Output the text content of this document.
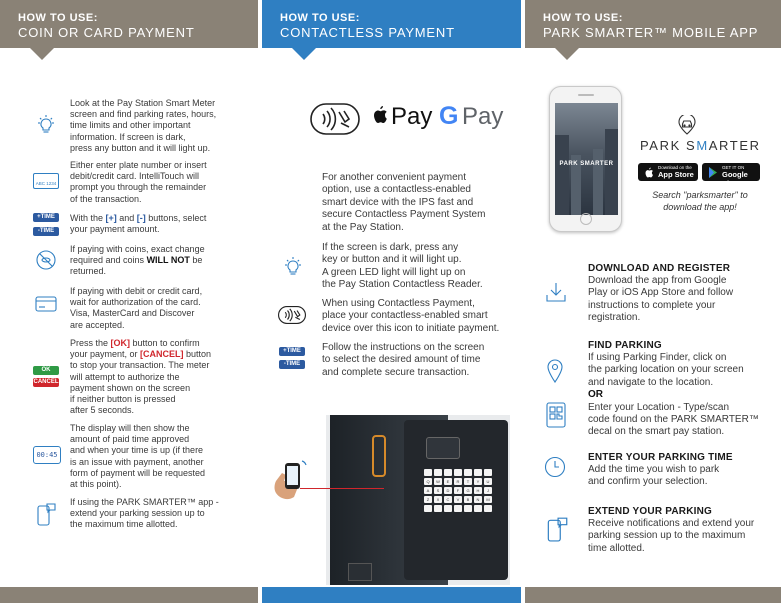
HOW TO USE:
COIN OR CARD PAYMENT
HOW TO USE:
CONTACTLESS PAYMENT
HOW TO USE:
PARK SMARTER™ MOBILE APP
Look at the Pay Station Smart Meter
screen and find parking rates, hours,
time limits and other important
information. If screen is dark,
press any button and it will light up.
ABC 1234
Either enter plate number or insert
debit/credit card. IntelliTouch will
prompt you through the remainder
of the transaction.
+TIME
-TIME
With the [+] and [-] buttons, select
your payment amount.
If paying with coins, exact change
required and coins WILL NOT be
returned.
If paying with debit or credit card,
wait for authorization of the card.
Visa, MasterCard and Discover
are accepted.
OK
CANCEL
Press the [OK] button to confirm
your payment, or [CANCEL] button
to stop your transaction. The meter
will attempt to authorize the
payment shown on the screen
if neither button is pressed
after 5 seconds.
00:45
The display will then show the
amount of paid time approved
and when your time is up (if there
is an issue with payment, another
form of payment will be requested
at this point).
If using the PARK SMARTER™ app -
extend your parking session up to
the maximum time allotted.
Pay G Pay
For another convenient payment
option, use a contactless-enabled
smart device with the IPS fast and
secure Contactless Payment System
at the Pay Station.
If the screen is dark, press any
key or button and it will light up.
A green LED light will light up on
the Pay Station Contactless Reader.
When using Contactless Payment,
place your contactless-enabled smart
device over this icon to initiate payment.
+TIME
-TIME
Follow the instructions on the screen
to select the desired amount of time
and complete secure transaction.
Q	W	E	R	T	Y	U
A	S	D	F	G	H	J
Z	X	C	V	B	N	M
PARK SMARTER
PARK SMARTER
Download on the
App Store
GET IT ON
Google Play
Search "parksmarter" to
download the app!
DOWNLOAD AND REGISTER
Download the app from Google
Play or iOS App Store and follow
instructions to complete your
registration.
FIND PARKING
If using Parking Finder, click on
the parking location on your screen
and navigate to the location.
OR
Enter your Location - Type/scan
code found on the PARK SMARTER™
decal on the smart pay station.
ENTER YOUR PARKING TIME
Add the time you wish to park
and confirm your selection.
EXTEND YOUR PARKING
Receive notifications and extend your
parking session up to the maximum
time allotted.
